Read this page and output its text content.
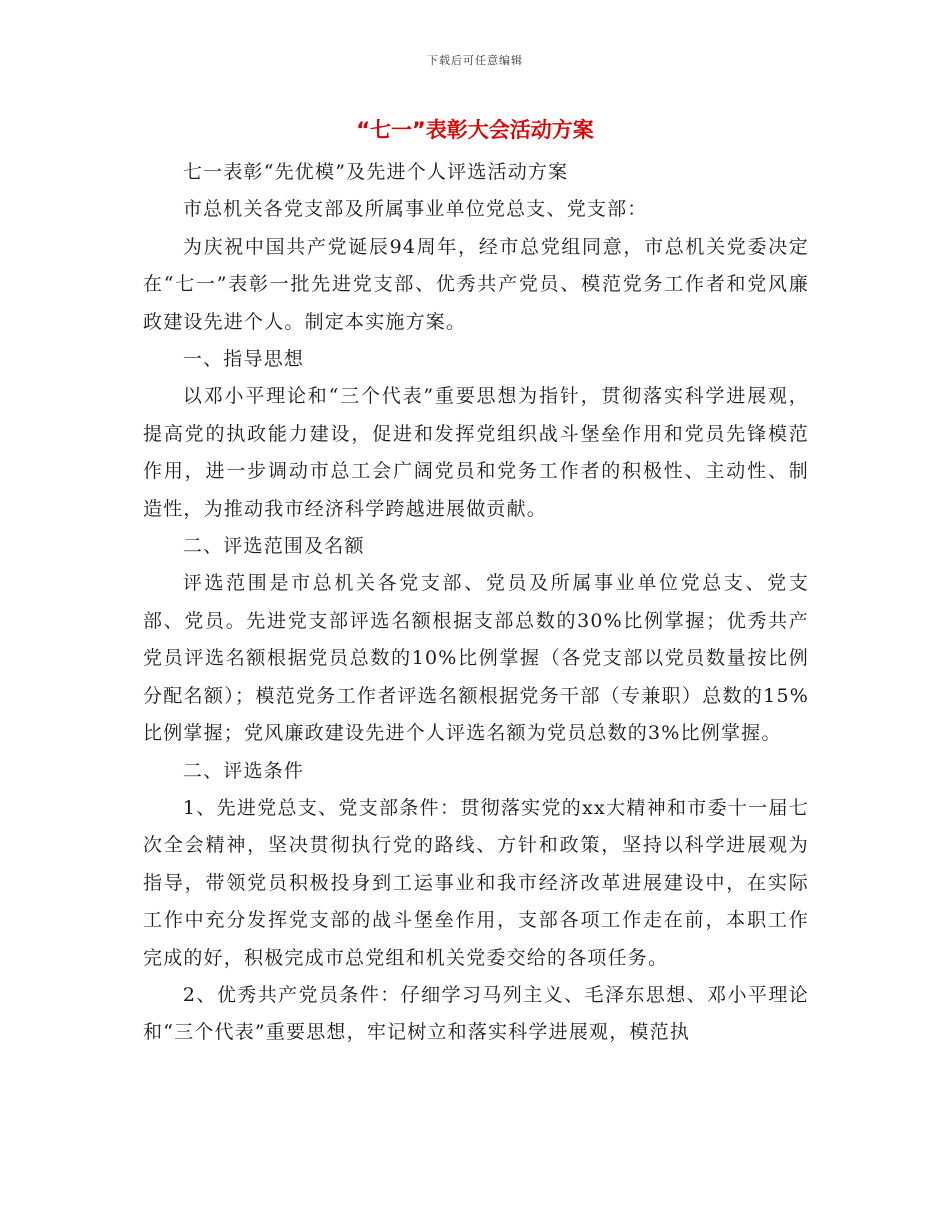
下载后可任意编辑
“七一”表彰大会活动方案

七一表彰“先优模”及先进个人评选活动方案

市总机关各党支部及所属事业单位党总支、党支部：

为庆祝中国共产党诞辰94周年，经市总党组同意，市总机关党委决定在“七一”表彰一批先进党支部、优秀共产党员、模范党务工作者和党风廉政建设先进个人。制定本实施方案。

一、指导思想

以邓小平理论和“三个代表”重要思想为指针，贯彻落实科学进展观，提高党的执政能力建设，促进和发挥党组织战斗堡垒作用和党员先锋模范作用，进一步调动市总工会广阔党员和党务工作者的积极性、主动性、制造性，为推动我市经济科学跨越进展做贡献。

二、评选范围及名额

评选范围是市总机关各党支部、党员及所属事业单位党总支、党支部、党员。先进党支部评选名额根据支部总数的30%比例掌握；优秀共产党员评选名额根据党员总数的10%比例掌握（各党支部以党员数量按比例分配名额）；模范党务工作者评选名额根据党务干部（专兼职）总数的15%比例掌握；党风廉政建设先进个人评选名额为党员总数的3%比例掌握。

二、评选条件

1、先进党总支、党支部条件：贯彻落实党的xx大精神和市委十一届七次全会精神，坚决贯彻执行党的路线、方针和政策，坚持以科学进展观为指导，带领党员积极投身到工运事业和我市经济改革进展建设中，在实际工作中充分发挥党支部的战斗堡垒作用，支部各项工作走在前，本职工作完成的好，积极完成市总党组和机关党委交给的各项任务。

2、优秀共产党员条件：仔细学习马列主义、毛泽东思想、邓小平理论和“三个代表”重要思想，牢记树立和落实科学进展观，模范执
